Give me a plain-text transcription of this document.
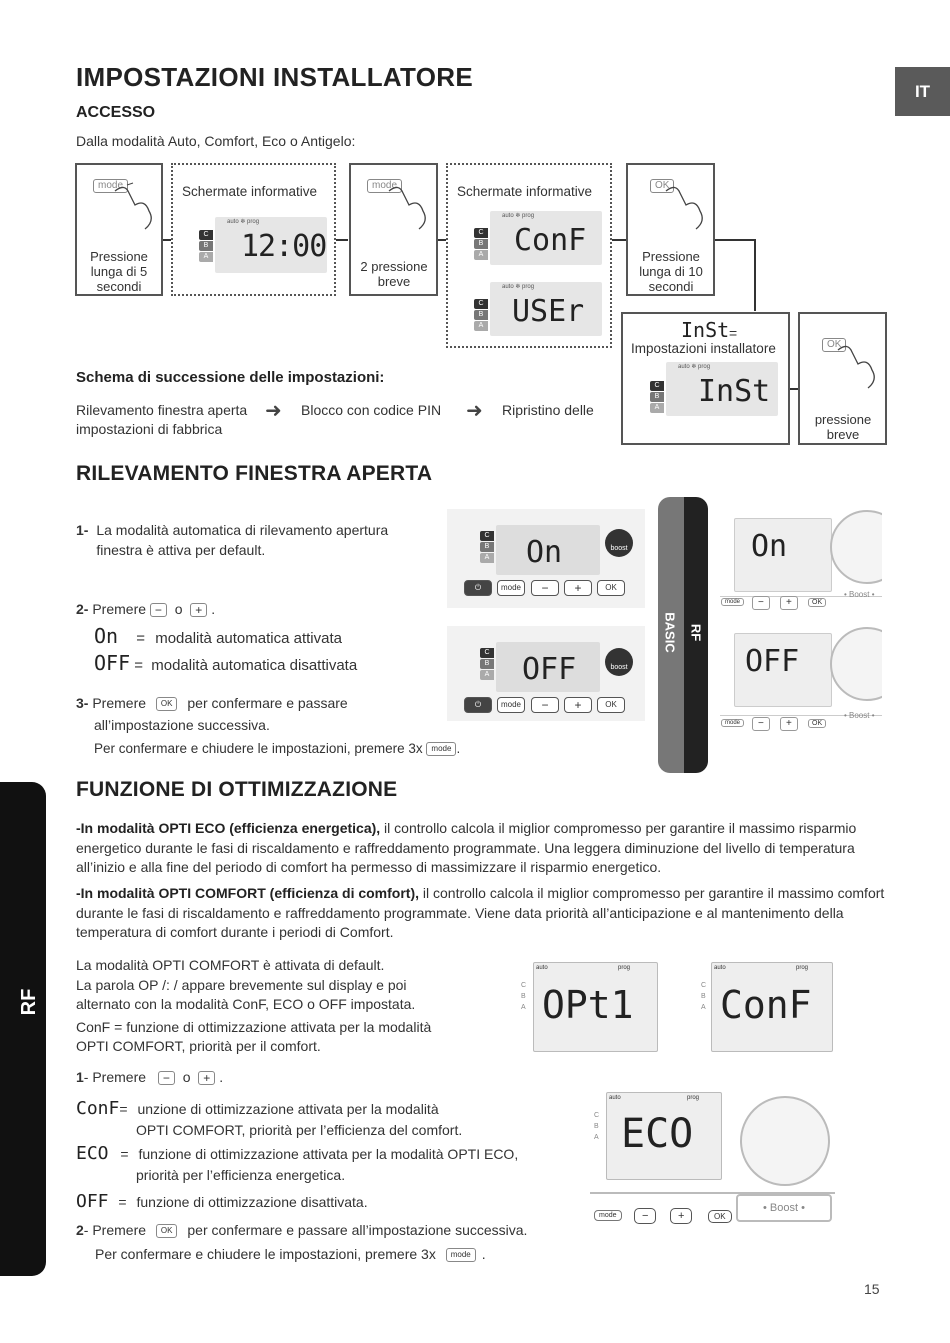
IT
RF
IMPOSTAZIONI INSTALLATORE
ACCESSO
Dalla modalità Auto, Comfort, Eco o Antigelo:
mode
Pressione lunga di 5 secondi
Schermate informative
C
B
A
auto ❄ prog
12:00
mode
2 pressione breve
Schermate informative
C
B
A
auto ❄ prog
ConF
C
B
A
auto ❄ prog
USEr
OK
Pressione lunga di 10 secondi
InSt =
Impostazioni installatore
C
B
A
auto ❄ prog
InSt
OK
pressione breve
Schema di successione delle impostazioni:
Rilevamento finestra aperta ➜ Blocco con codice PIN ➜ Ripristino delle
impostazioni di fabbrica
RILEVAMENTO FINESTRA APERTA
1- La modalità automatica di rilevamento apertura finestra è attiva per default.
2- Premere − o + .
On = modalità automatica attivata
OFF = modalità automatica disattivata
3- Premere OK per confermare e passare
all’impostazione successiva.
Per confermare e chiudere le impostazioni, premere 3x mode .
C
B
A On	boost
⏻	mode	−	+	OK
C
B
A OFF	boost
⏻	mode	−	+	OK
BASIC RF
On
mode	−	+	OK
• Boost •
OFF
mode	−	+	OK
• Boost •
FUNZIONE DI OTTIMIZZAZIONE
-In modalità OPTI ECO (efficienza energetica), il controllo calcola il miglior compromesso per garantire il massimo risparmio energetico durante le fasi di riscaldamento e raffreddamento programmate. Una leggera diminuzione del livello di temperatura all’inizio e alla fine del periodo di comfort ha permesso di massimizzare il risparmio energetico.
-In modalità OPTI COMFORT (efficienza di comfort), il controllo calcola il miglior compromesso per garantire il massimo comfort durante le fasi di riscaldamento e raffreddamento programmate. Viene data priorità all’anticipazione e al mantenimento della temperatura di comfort durante i periodi di Comfort.
La modalità OPTI COMFORT è attivata di default.
La parola OP /: / appare brevemente sul display e poi
alternato con la modalità ConF, ECO o OFF impostata.
ConF = funzione di ottimizzazione attivata per la modalità
OPTI COMFORT, priorità per il comfort.
C
B
A
auto	prog
OPt1	C
B
A
auto	prog
ConF
1- Premere − o + .
ConF= unzione di ottimizzazione attivata per la modalità
OPTI COMFORT, priorità per l’efficienza del comfort.
ECO = funzione di ottimizzazione attivata per la modalità OPTI ECO,
priorità per l’efficienza energetica.
OFF = funzione di ottimizzazione disattivata.
2- Premere OK per confermare e passare all’impostazione successiva.
Per confermare e chiudere le impostazioni, premere 3x mode .
C
B
A
auto	prog
ECO
mode	−	+	OK
• Boost •
15
